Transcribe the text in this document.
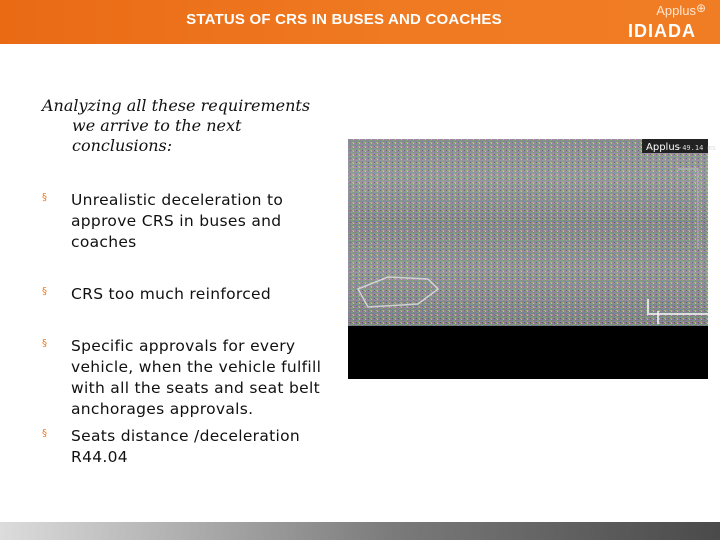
STATUS OF CRS IN BUSES AND COACHES
Applus ⊕
IDIADA
Analyzing all these requirements
we arrive to the next
conclusions:
§	Unrealistic deceleration to approve CRS in buses and coaches
§	CRS too much reinforced
§	Specific approvals for every vehicle, when the vehicle fulfill with all the seats and seat belt anchorages approvals.
§	Seats distance /deceleration R44.04
Applus
-49.14 ms
